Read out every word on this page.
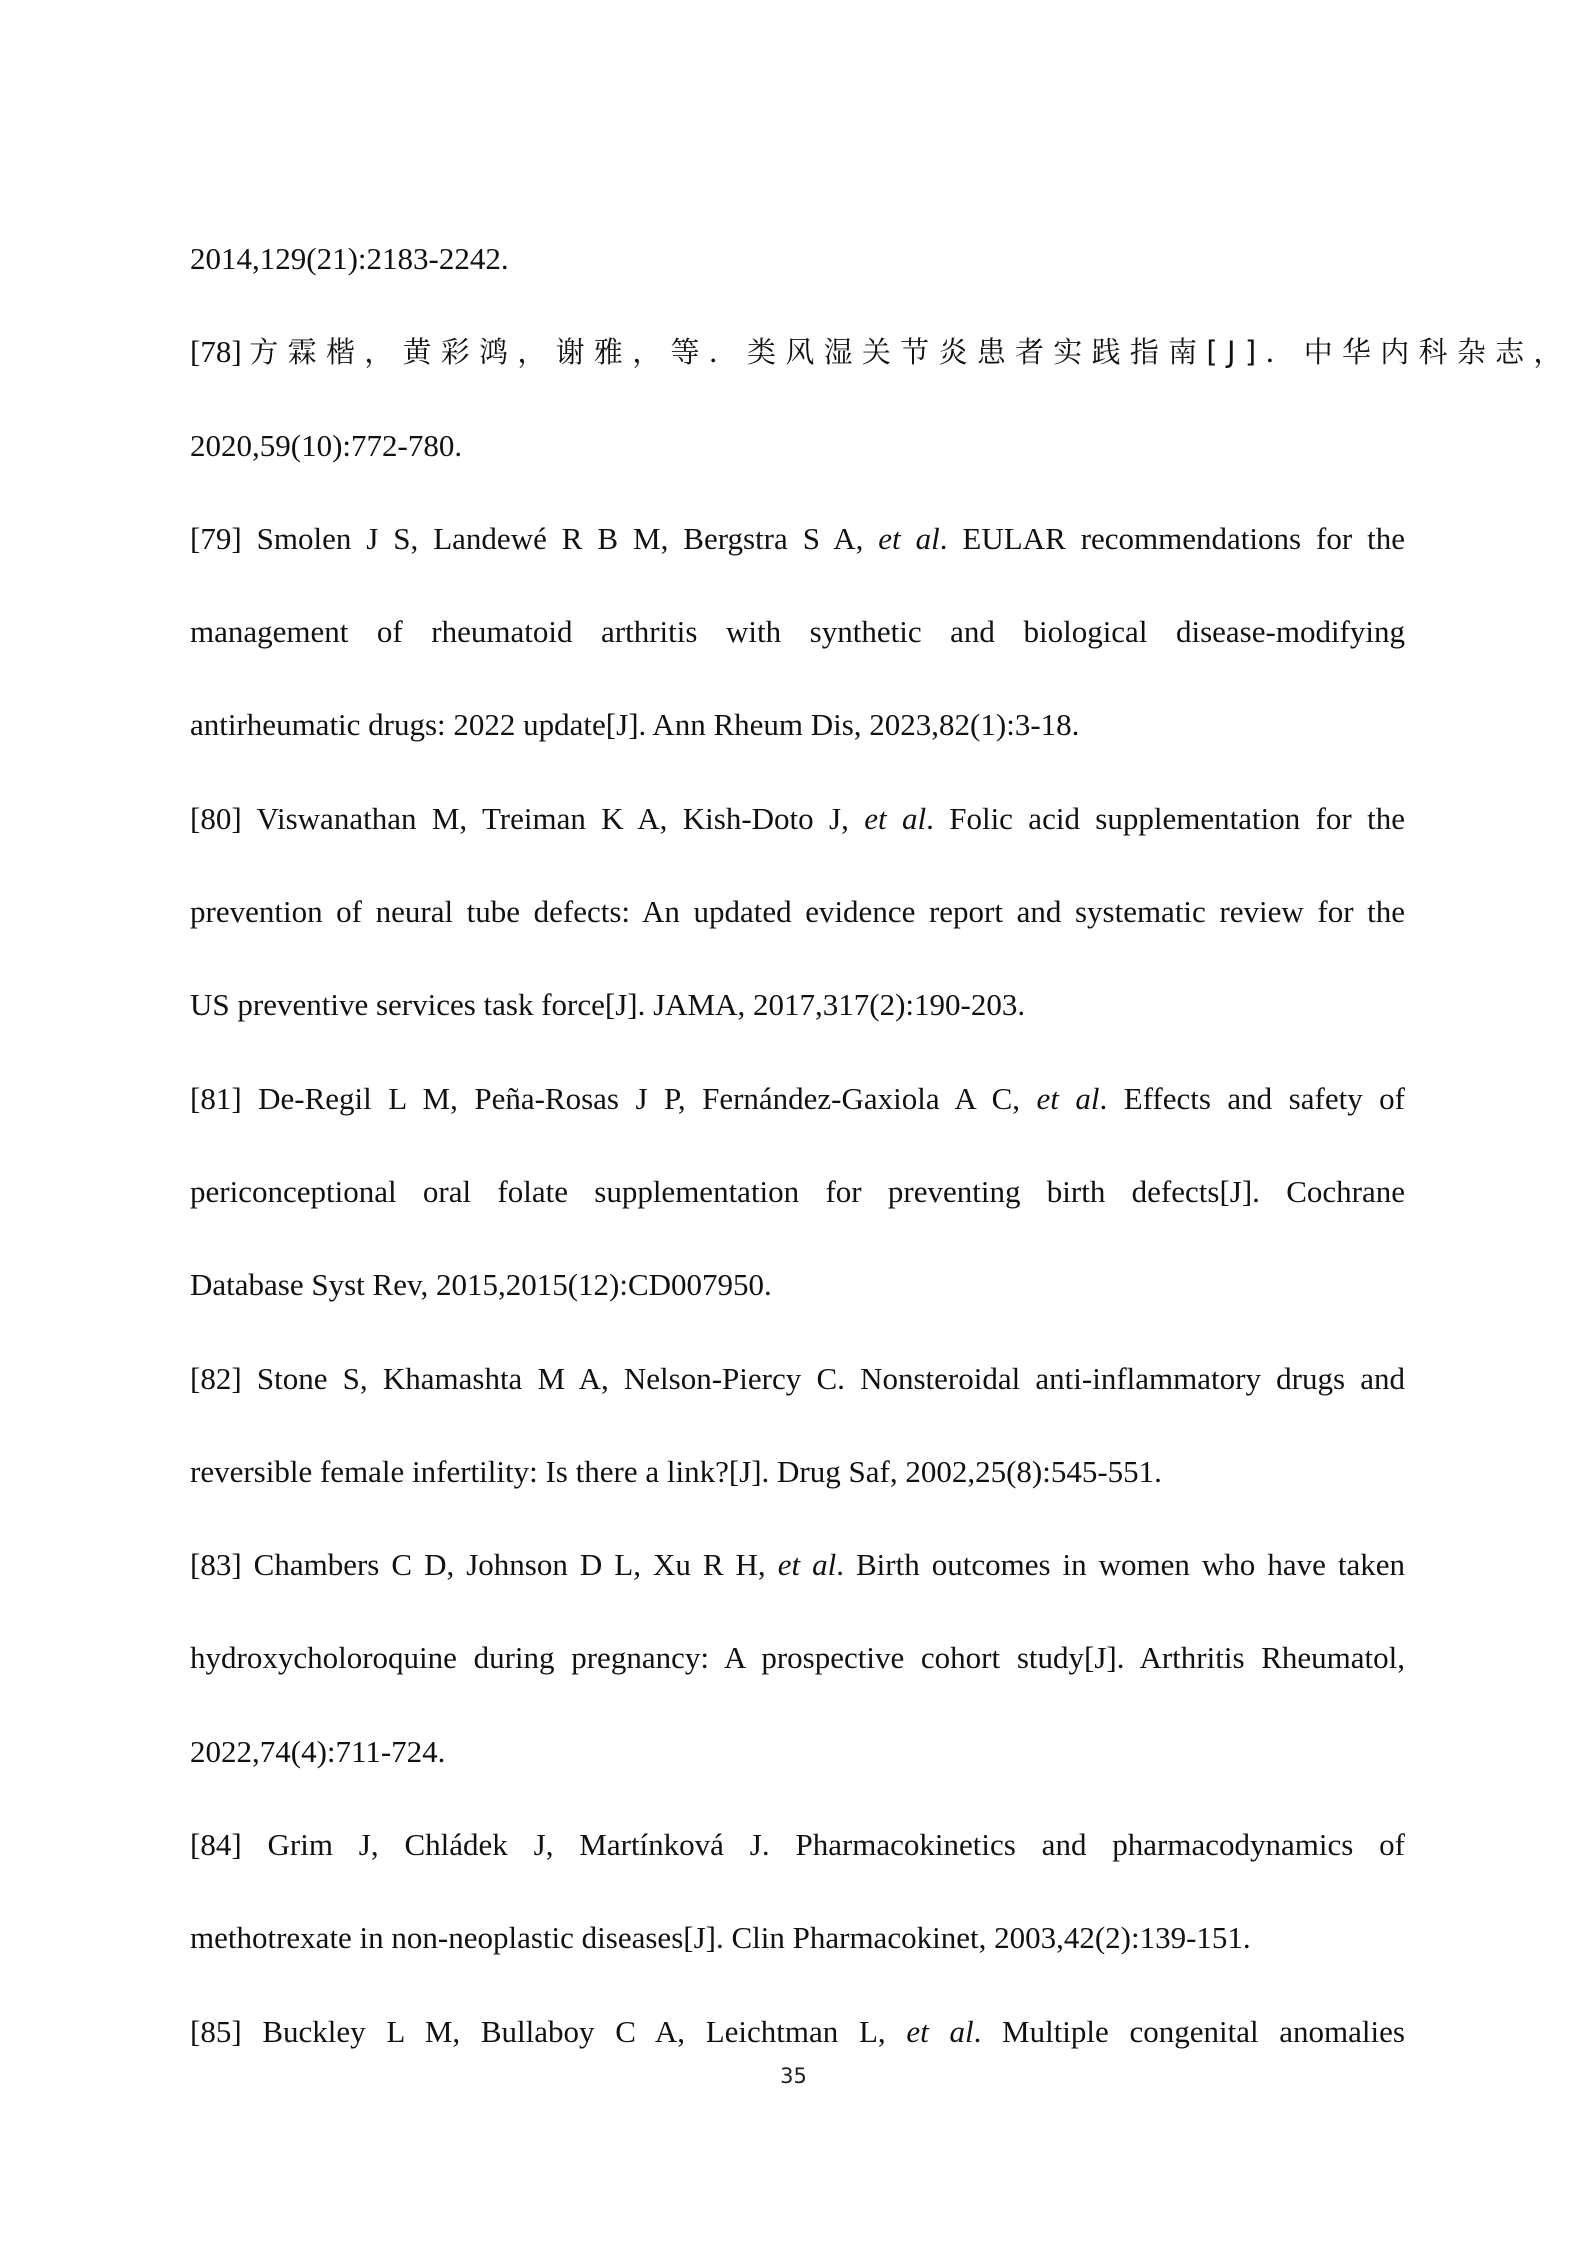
2014,129(21):2183-2242.
[78] 方霖楷，黄彩鸿，谢雅，等．类风湿关节炎患者实践指南[J]．中华内科杂志，
2020,59(10):772-780.
[79] Smolen J S, Landewé R B M, Bergstra S A, et al. EULAR recommendations for the
management of rheumatoid arthritis with synthetic and biological disease-modifying
antirheumatic drugs: 2022 update[J]. Ann Rheum Dis, 2023,82(1):3-18.
[80] Viswanathan M, Treiman K A, Kish-Doto J, et al. Folic acid supplementation for the
prevention of neural tube defects: An updated evidence report and systematic review for the
US preventive services task force[J]. JAMA, 2017,317(2):190-203.
[81] De-Regil L M, Peña-Rosas J P, Fernández-Gaxiola A C, et al. Effects and safety of
periconceptional oral folate supplementation for preventing birth defects[J]. Cochrane
Database Syst Rev, 2015,2015(12):CD007950.
[82] Stone S, Khamashta M A, Nelson-Piercy C. Nonsteroidal anti-inflammatory drugs and
reversible female infertility: Is there a link?[J]. Drug Saf, 2002,25(8):545-551.
[83] Chambers C D, Johnson D L, Xu R H, et al. Birth outcomes in women who have taken
hydroxycholoroquine during pregnancy: A prospective cohort study[J]. Arthritis Rheumatol,
2022,74(4):711-724.
[84] Grim J, Chládek J, Martínková J. Pharmacokinetics and pharmacodynamics of
methotrexate in non-neoplastic diseases[J]. Clin Pharmacokinet, 2003,42(2):139-151.
[85] Buckley L M, Bullaboy C A, Leichtman L, et al. Multiple congenital anomalies
35
